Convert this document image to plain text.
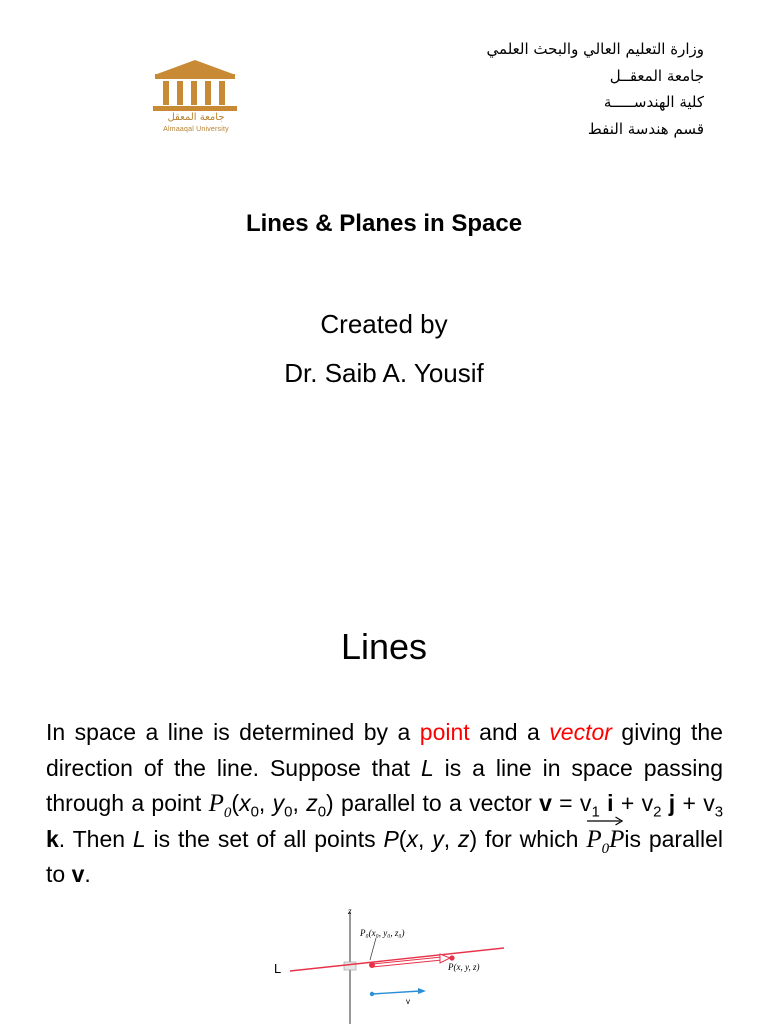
جامعة المعقل
Almaaqal University
وزارة التعليم العالي والبحث العلمي
جامعة المعقــل
كلية الهندســـــة
قسم هندسة النفط
Lines & Planes in Space
Created by
Dr. Saib A. Yousif
Lines
In space a line is determined by a point and a vector giving the direction of the line. Suppose that L is a line in space passing through a point $P_0(x_0$, $y_0$, $z_0$) parallel to a vector $v = v_1$ $i + v_2$ $j + v_3$ k. Then L is the set of all points P(x, y, z) for which
$P_0Pis$ parallel to v.
z
P₀(x₀, y₀, z₀)
P(x, y, z)
v
L
